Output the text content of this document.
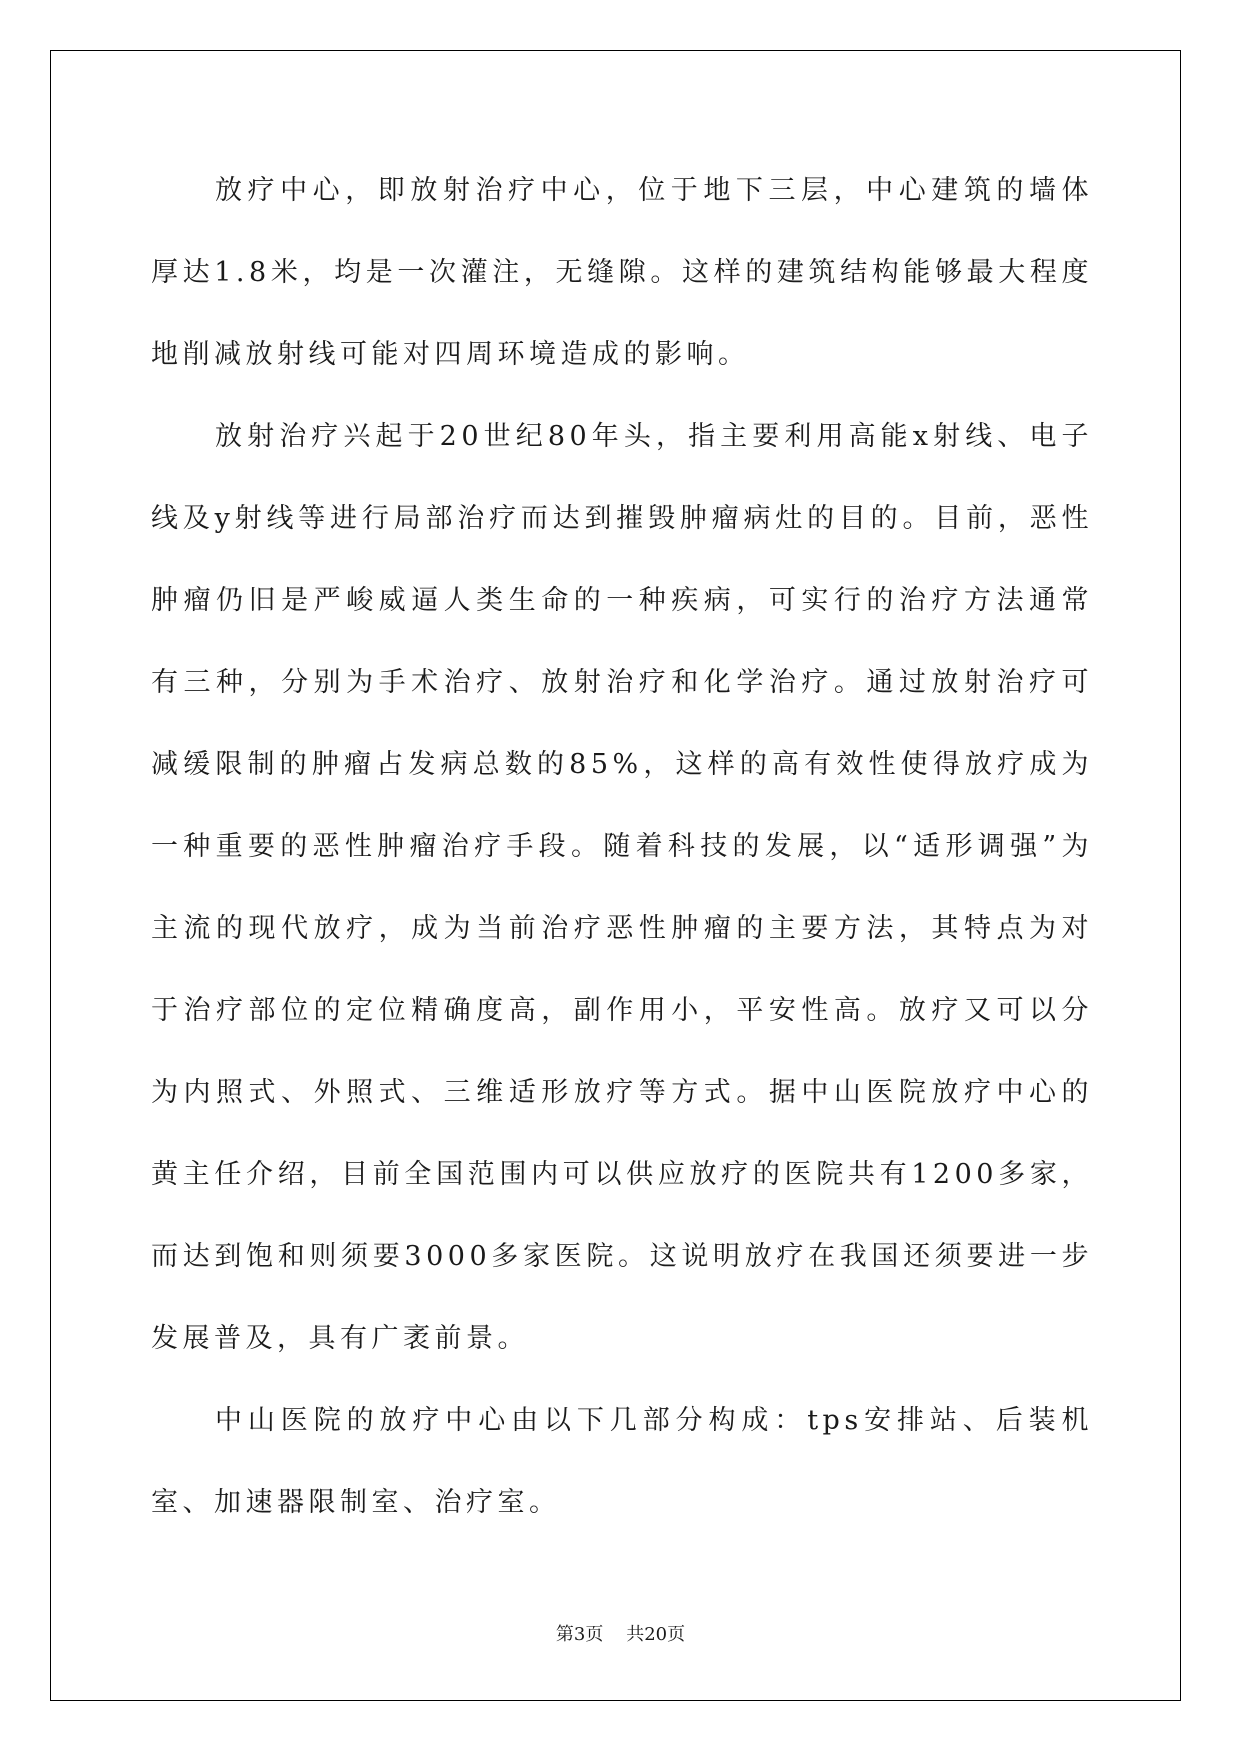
放疗中心，即放射治疗中心，位于地下三层，中心建筑的墙体厚达1.8米，均是一次灌注，无缝隙。这样的建筑结构能够最大程度地削减放射线可能对四周环境造成的影响。

放射治疗兴起于20世纪80年头，指主要利用高能x射线、电子线及y射线等进行局部治疗而达到摧毁肿瘤病灶的目的。目前，恶性肿瘤仍旧是严峻威逼人类生命的一种疾病，可实行的治疗方法通常有三种，分别为手术治疗、放射治疗和化学治疗。通过放射治疗可减缓限制的肿瘤占发病总数的85%，这样的高有效性使得放疗成为一种重要的恶性肿瘤治疗手段。随着科技的发展，以“适形调强”为主流的现代放疗，成为当前治疗恶性肿瘤的主要方法，其特点为对于治疗部位的定位精确度高，副作用小，平安性高。放疗又可以分为内照式、外照式、三维适形放疗等方式。据中山医院放疗中心的黄主任介绍，目前全国范围内可以供应放疗的医院共有1200多家，而达到饱和则须要3000多家医院。这说明放疗在我国还须要进一步发展普及，具有广袤前景。

中山医院的放疗中心由以下几部分构成：tps安排站、后装机室、加速器限制室、治疗室。

第3页    共20页
